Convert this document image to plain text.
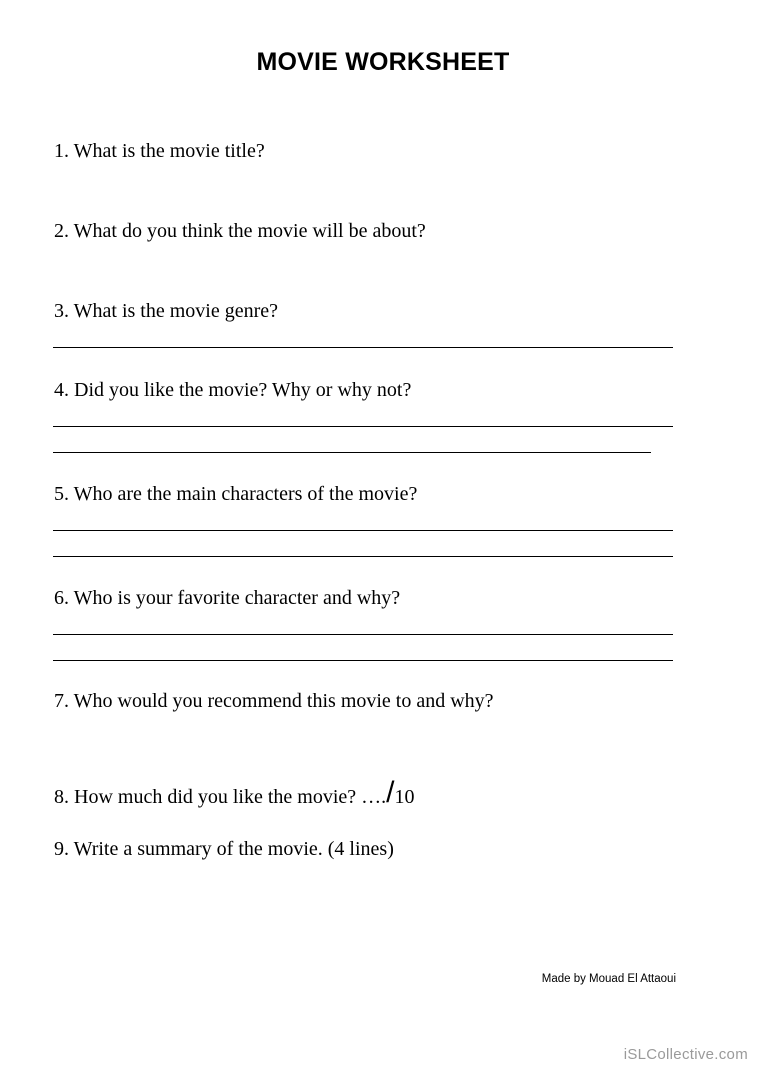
MOVIE WORKSHEET
1. What is the movie title?
2. What do you think the movie will be about?
3. What is the movie genre?
4. Did you like the movie? Why or why not?
5. Who are the main characters of the movie?
6. Who is your favorite character and why?
7. Who would you recommend this movie to and why?
8. How much did you like the movie? …./10
9. Write a summary of the movie. (4 lines)
Made by Mouad El Attaoui
iSLCollective.com
